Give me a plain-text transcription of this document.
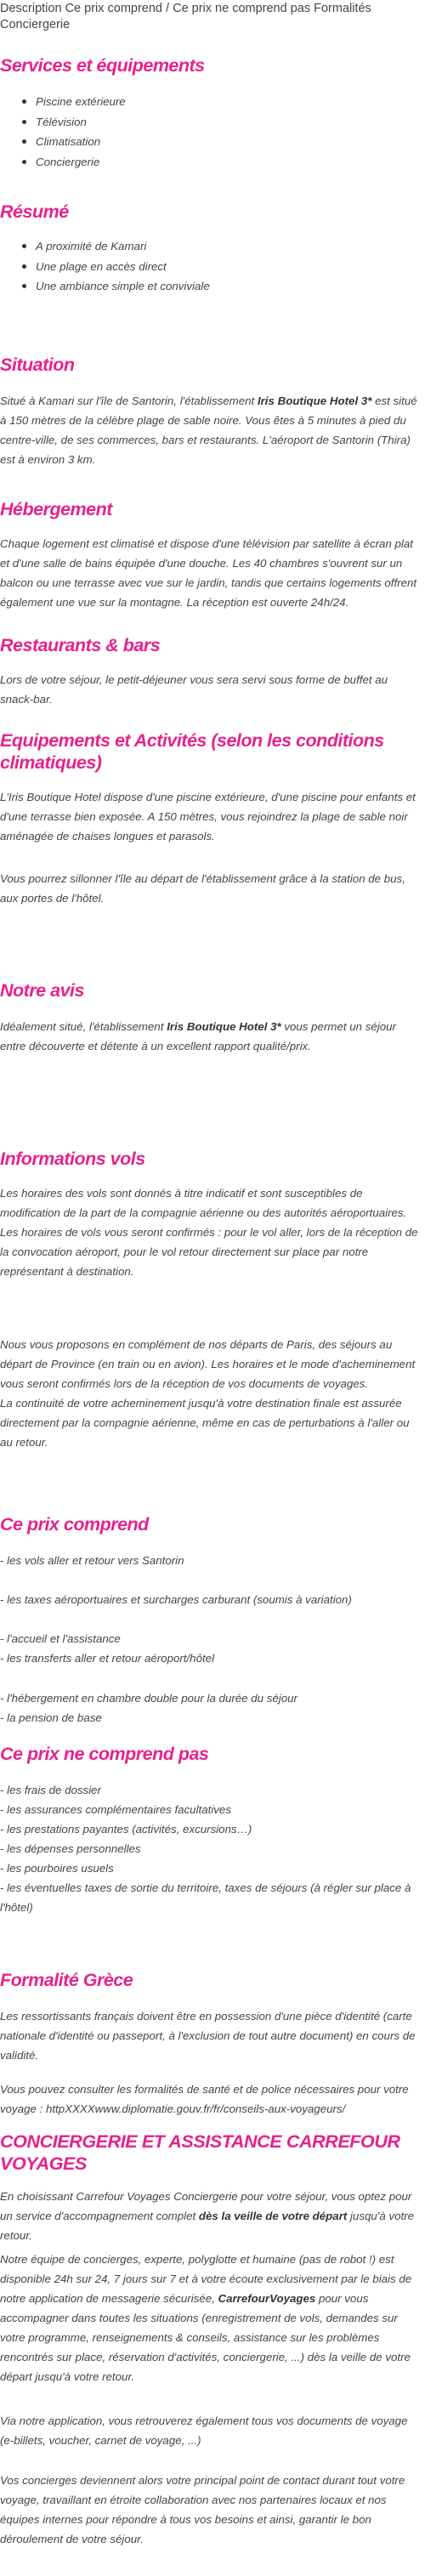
Description Ce prix comprend / Ce prix ne comprend pas Formalités Conciergerie
Services et équipements
Piscine extérieure
Télévision
Climatisation
Conciergerie
Résumé
A proximité de Kamari
Une plage en accès direct
Une ambiance simple et conviviale
Situation

Situé à Kamari sur l'île de Santorin, l'établissement Iris Boutique Hotel 3* est situé à 150 mètres de la célèbre plage de sable noire. Vous êtes à 5 minutes à pied du centre-ville, de ses commerces, bars et restaurants. L'aéroport de Santorin (Thira) est à environ 3 km.

Hébergement

Chaque logement est climatisé et dispose d'une télévision par satellite à écran plat et d'une salle de bains équipée d'une douche. Les 40 chambres s'ouvrent sur un balcon ou une terrasse avec vue sur le jardin, tandis que certains logements offrent également une vue sur la montagne. La réception est ouverte 24h/24.

Restaurants & bars

Lors de votre séjour, le petit-déjeuner vous sera servi sous forme de buffet au snack-bar.

Equipements et Activités (selon les conditions climatiques)

L'Iris Boutique Hotel dispose d'une piscine extérieure, d'une piscine pour enfants et d'une terrasse bien exposée. A 150 mètres, vous rejoindrez la plage de sable noir aménagée de chaises longues et parasols.

Vous pourrez sillonner l'île au départ de l'établissement grâce à la station de bus, aux portes de l'hôtel.

Notre avis

Idéalement situé, l'établissement Iris Boutique Hotel 3* vous permet un séjour entre découverte et détente à un excellent rapport qualité/prix.

Informations vols

Les horaires des vols sont donnés à titre indicatif et sont susceptibles de modification de la part de la compagnie aérienne ou des autorités aéroportuaires.

Les horaires de vols vous seront confirmés : pour le vol aller, lors de la réception de la convocation aéroport, pour le vol retour directement sur place par notre représentant à destination.

Nous vous proposons en complément de nos départs de Paris, des séjours au départ de Province (en train ou en avion). Les horaires et le mode d'acheminement vous seront confirmés lors de la réception de vos documents de voyages.

La continuité de votre acheminement jusqu'à votre destination finale est assurée directement par la compagnie aérienne, même en cas de perturbations à l'aller ou au retour.

Ce prix comprend

- les vols aller et retour vers Santorin

- les taxes aéroportuaires et surcharges carburant (soumis à variation)

- l'accueil et l'assistance

- les transferts aller et retour aéroport/hôtel

- l'hébergement en chambre double pour la durée du séjour

- la pension de base

Ce prix ne comprend pas

- les frais de dossier

- les assurances complémentaires facultatives

- les prestations payantes (activités, excursions…)

- les dépenses personnelles

- les pourboires usuels

- les éventuelles taxes de sortie du territoire, taxes de séjours (à régler sur place à l'hôtel)

Formalité Grèce

Les ressortissants français doivent être en possession d'une pièce d'identité (carte nationale d'identité ou passeport, à l'exclusion de tout autre document) en cours de validité.

Vous pouvez consulter les formalités de santé et de police nécessaires pour votre voyage : httpXXXXwww.diplomatie.gouv.fr/fr/conseils-aux-voyageurs/

CONCIERGERIE ET ASSISTANCE CARREFOUR VOYAGES

En choisissant Carrefour Voyages Conciergerie pour votre séjour, vous optez pour un service d'accompagnement complet dès la veille de votre départ jusqu'à votre retour.

Notre équipe de concierges, experte, polyglotte et humaine (pas de robot !) est disponible 24h sur 24, 7 jours sur 7 et à votre écoute exclusivement par le biais de notre application de messagerie sécurisée, CarrefourVoyages pour vous accompagner dans toutes les situations (enregistrement de vols, demandes sur votre programme, renseignements & conseils, assistance sur les problèmes rencontrés sur place, réservation d'activités, conciergerie, ...) dès la veille de votre départ jusqu'à votre retour.

Via notre application, vous retrouverez également tous vos documents de voyage (e-billets, voucher, carnet de voyage, ...)

Vos concierges deviennent alors votre principal point de contact durant tout votre voyage, travaillant en étroite collaboration avec nos partenaires locaux et nos équipes internes pour répondre à tous vos besoins et ainsi, garantir le bon déroulement de votre séjour.
